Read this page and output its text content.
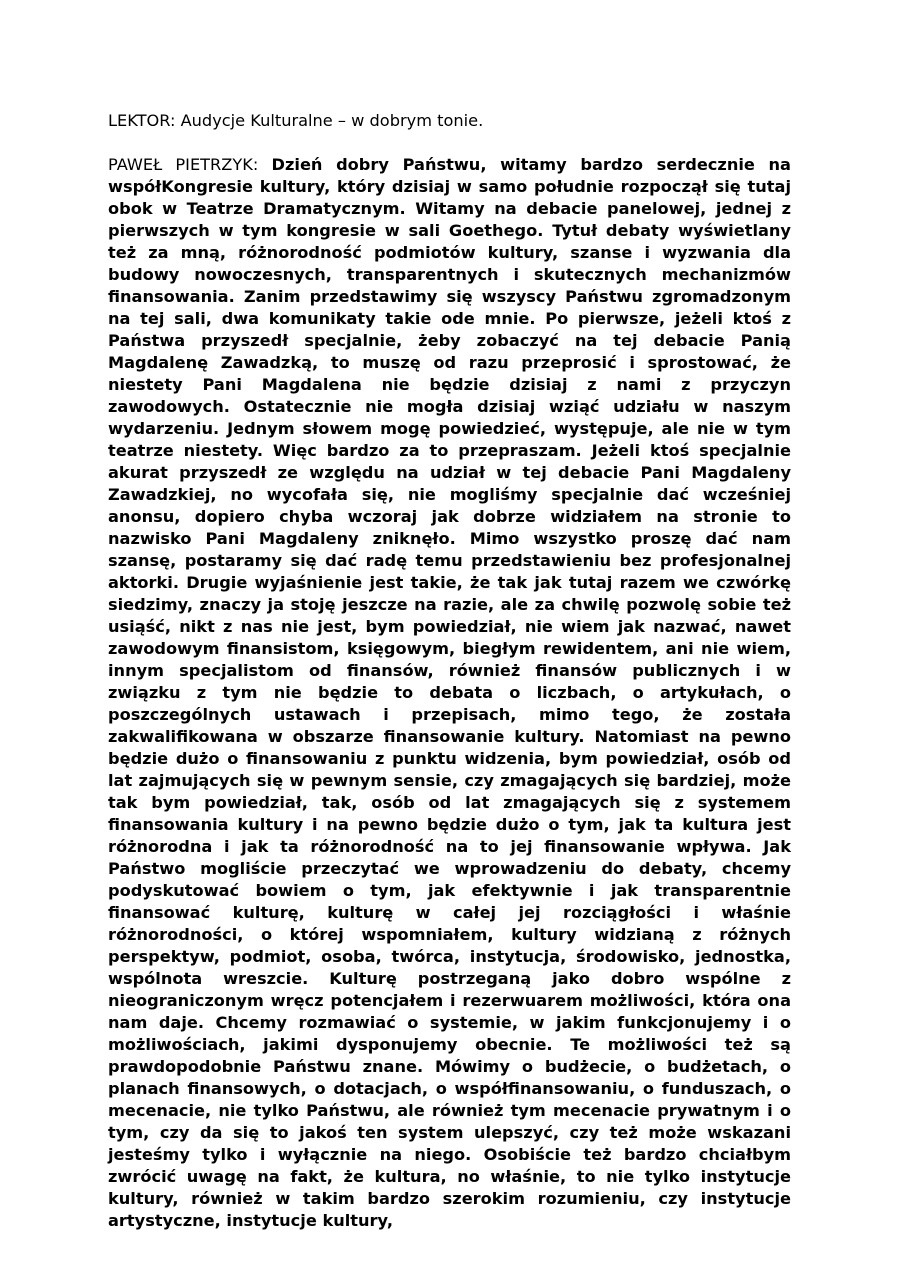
LEKTOR: Audycje Kulturalne – w dobrym tonie.

PAWEŁ PIETRZYK: Dzień dobry Państwu, witamy bardzo serdecznie na współKongresie kultury, który dzisiaj w samo południe rozpoczął się tutaj obok w Teatrze Dramatycznym. Witamy na debacie panelowej, jednej z pierwszych w tym kongresie w sali Goethego. Tytuł debaty wyświetlany też za mną, różnorodność podmiotów kultury, szanse i wyzwania dla budowy nowoczesnych, transparentnych i skutecznych mechanizmów finansowania. Zanim przedstawimy się wszyscy Państwu zgromadzonym na tej sali, dwa komunikaty takie ode mnie. Po pierwsze, jeżeli ktoś z Państwa przyszedł specjalnie, żeby zobaczyć na tej debacie Panią Magdalenę Zawadzką, to muszę od razu przeprosić i sprostować, że niestety Pani Magdalena nie będzie dzisiaj z nami z przyczyn zawodowych. Ostatecznie nie mogła dzisiaj wziąć udziału w naszym wydarzeniu. Jednym słowem mogę powiedzieć, występuje, ale nie w tym teatrze niestety. Więc bardzo za to przepraszam. Jeżeli ktoś specjalnie akurat przyszedł ze względu na udział w tej debacie Pani Magdaleny Zawadzkiej, no wycofała się, nie mogliśmy specjalnie dać wcześniej anonsu, dopiero chyba wczoraj jak dobrze widziałem na stronie to nazwisko Pani Magdaleny zniknęło. Mimo wszystko proszę dać nam szansę, postaramy się dać radę temu przedstawieniu bez profesjonalnej aktorki. Drugie wyjaśnienie jest takie, że tak jak tutaj razem we czwórkę siedzimy, znaczy ja stoję jeszcze na razie, ale za chwilę pozwolę sobie też usiąść, nikt z nas nie jest, bym powiedział, nie wiem jak nazwać, nawet zawodowym finansistom, księgowym, biegłym rewidentem, ani nie wiem, innym specjalistom od finansów, również finansów publicznych i w związku z tym nie będzie to debata o liczbach, o artykułach, o poszczególnych ustawach i przepisach, mimo tego, że została zakwalifikowana w obszarze finansowanie kultury. Natomiast na pewno będzie dużo o finansowaniu z punktu widzenia, bym powiedział, osób od lat zajmujących się w pewnym sensie, czy zmagających się bardziej, może tak bym powiedział, tak, osób od lat zmagających się z systemem finansowania kultury i na pewno będzie dużo o tym, jak ta kultura jest różnorodna i jak ta różnorodność na to jej finansowanie wpływa. Jak Państwo mogliście przeczytać we wprowadzeniu do debaty, chcemy podyskutować bowiem o tym, jak efektywnie i jak transparentnie finansować kulturę, kulturę w całej jej rozciągłości i właśnie różnorodności, o której wspomniałem, kultury widzianą z różnych perspektyw, podmiot, osoba, twórca, instytucja, środowisko, jednostka, wspólnota wreszcie. Kulturę postrzeganą jako dobro wspólne z nieograniczonym wręcz potencjałem i rezerwuarem możliwości, która ona nam daje. Chcemy rozmawiać o systemie, w jakim funkcjonujemy i o możliwościach, jakimi dysponujemy obecnie. Te możliwości też są prawdopodobnie Państwu znane. Mówimy o budżecie, o budżetach, o planach finansowych, o dotacjach, o współfinansowaniu, o funduszach, o mecenacie, nie tylko Państwu, ale również tym mecenacie prywatnym i o tym, czy da się to jakoś ten system ulepszyć, czy też może wskazani jesteśmy tylko i wyłącznie na niego. Osobiście też bardzo chciałbym zwrócić uwagę na fakt, że kultura, no właśnie, to nie tylko instytucje kultury, również w takim bardzo szerokim rozumieniu, czy instytucje artystyczne, instytucje kultury,
